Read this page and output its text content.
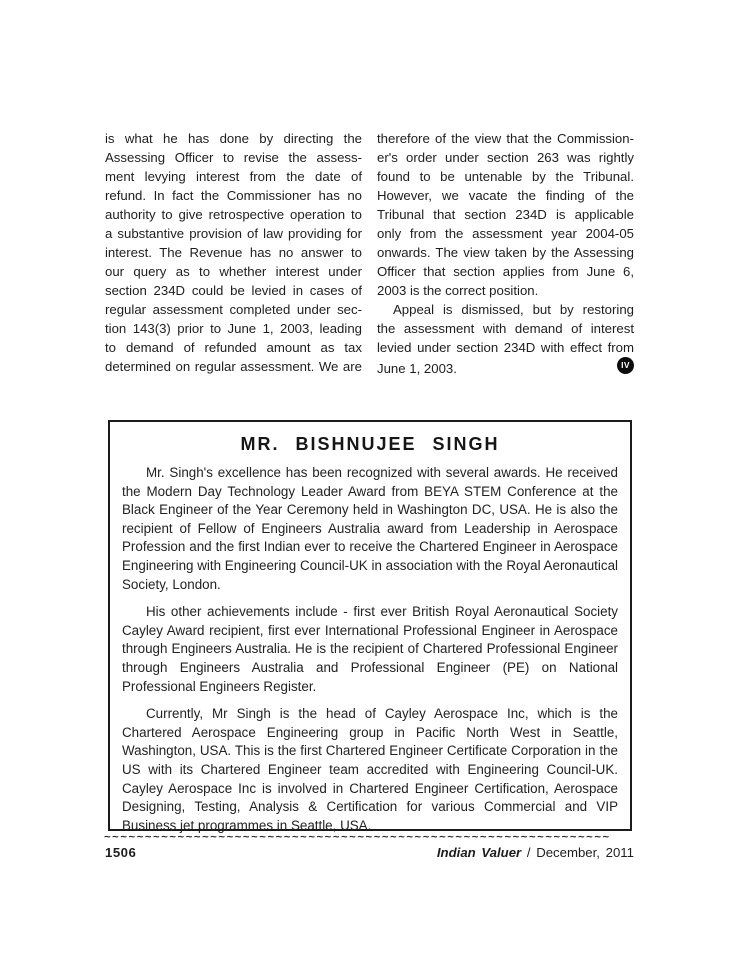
is what he has done by directing the
Assessing Officer to revise the assess-
ment levying interest from the date of
refund. In fact the Commissioner has no
authority to give retrospective operation to
a substantive provision of law providing for
interest. The Revenue has no answer to
our query as to whether interest under
section 234D could be levied in cases of
regular assessment completed under sec-
tion 143(3) prior to June 1, 2003, leading
to demand of refunded amount as tax
determined on regular assessment. We are
therefore of the view that the Commission-
er's order under section 263 was rightly
found to be untenable by the Tribunal.
However, we vacate the finding of the
Tribunal that section 234D is applicable
only from the assessment year 2004-05
onwards. The view taken by the Assessing
Officer that section applies from June 6,
2003 is the correct position.
Appeal is dismissed, but by restoring
the assessment with demand of interest
levied under section 234D with effect from
June 1, 2003.	IV
MR. BISHNUJEE SINGH

Mr. Singh's excellence has been recognized with several awards. He received the Modern Day Technology Leader Award from BEYA STEM Conference at the Black Engineer of the Year Ceremony held in Washington DC, USA. He is also the recipient of Fellow of Engineers Australia award from Leadership in Aerospace Profession and the first Indian ever to receive the Chartered Engineer in Aerospace Engineering with Engineering Council-UK in association with the Royal Aeronautical Society, London.

His other achievements include - first ever British Royal Aeronautical Society Cayley Award recipient, first ever International Professional Engineer in Aerospace through Engineers Australia. He is the recipient of Chartered Professional Engineer through Engineers Australia and Professional Engineer (PE) on National Professional Engineers Register.

Currently, Mr Singh is the head of Cayley Aerospace Inc, which is the Chartered Aerospace Engineering group in Pacific North West in Seattle, Washington, USA. This is the first Chartered Engineer Certificate Corporation in the US with its Chartered Engineer team accredited with Engineering Council-UK. Cayley Aerospace Inc is involved in Chartered Engineer Certification, Aerospace Designing, Testing, Analysis & Certification for various Commercial and VIP Business jet programmes in Seattle, USA.

~~~~~~~~~~~~~~~~~~~~~~~~~~~~~~~~~~~~~~~~~~~~~~~~~~~~~~~~~~~~~~
1506	Indian Valuer / December, 2011
